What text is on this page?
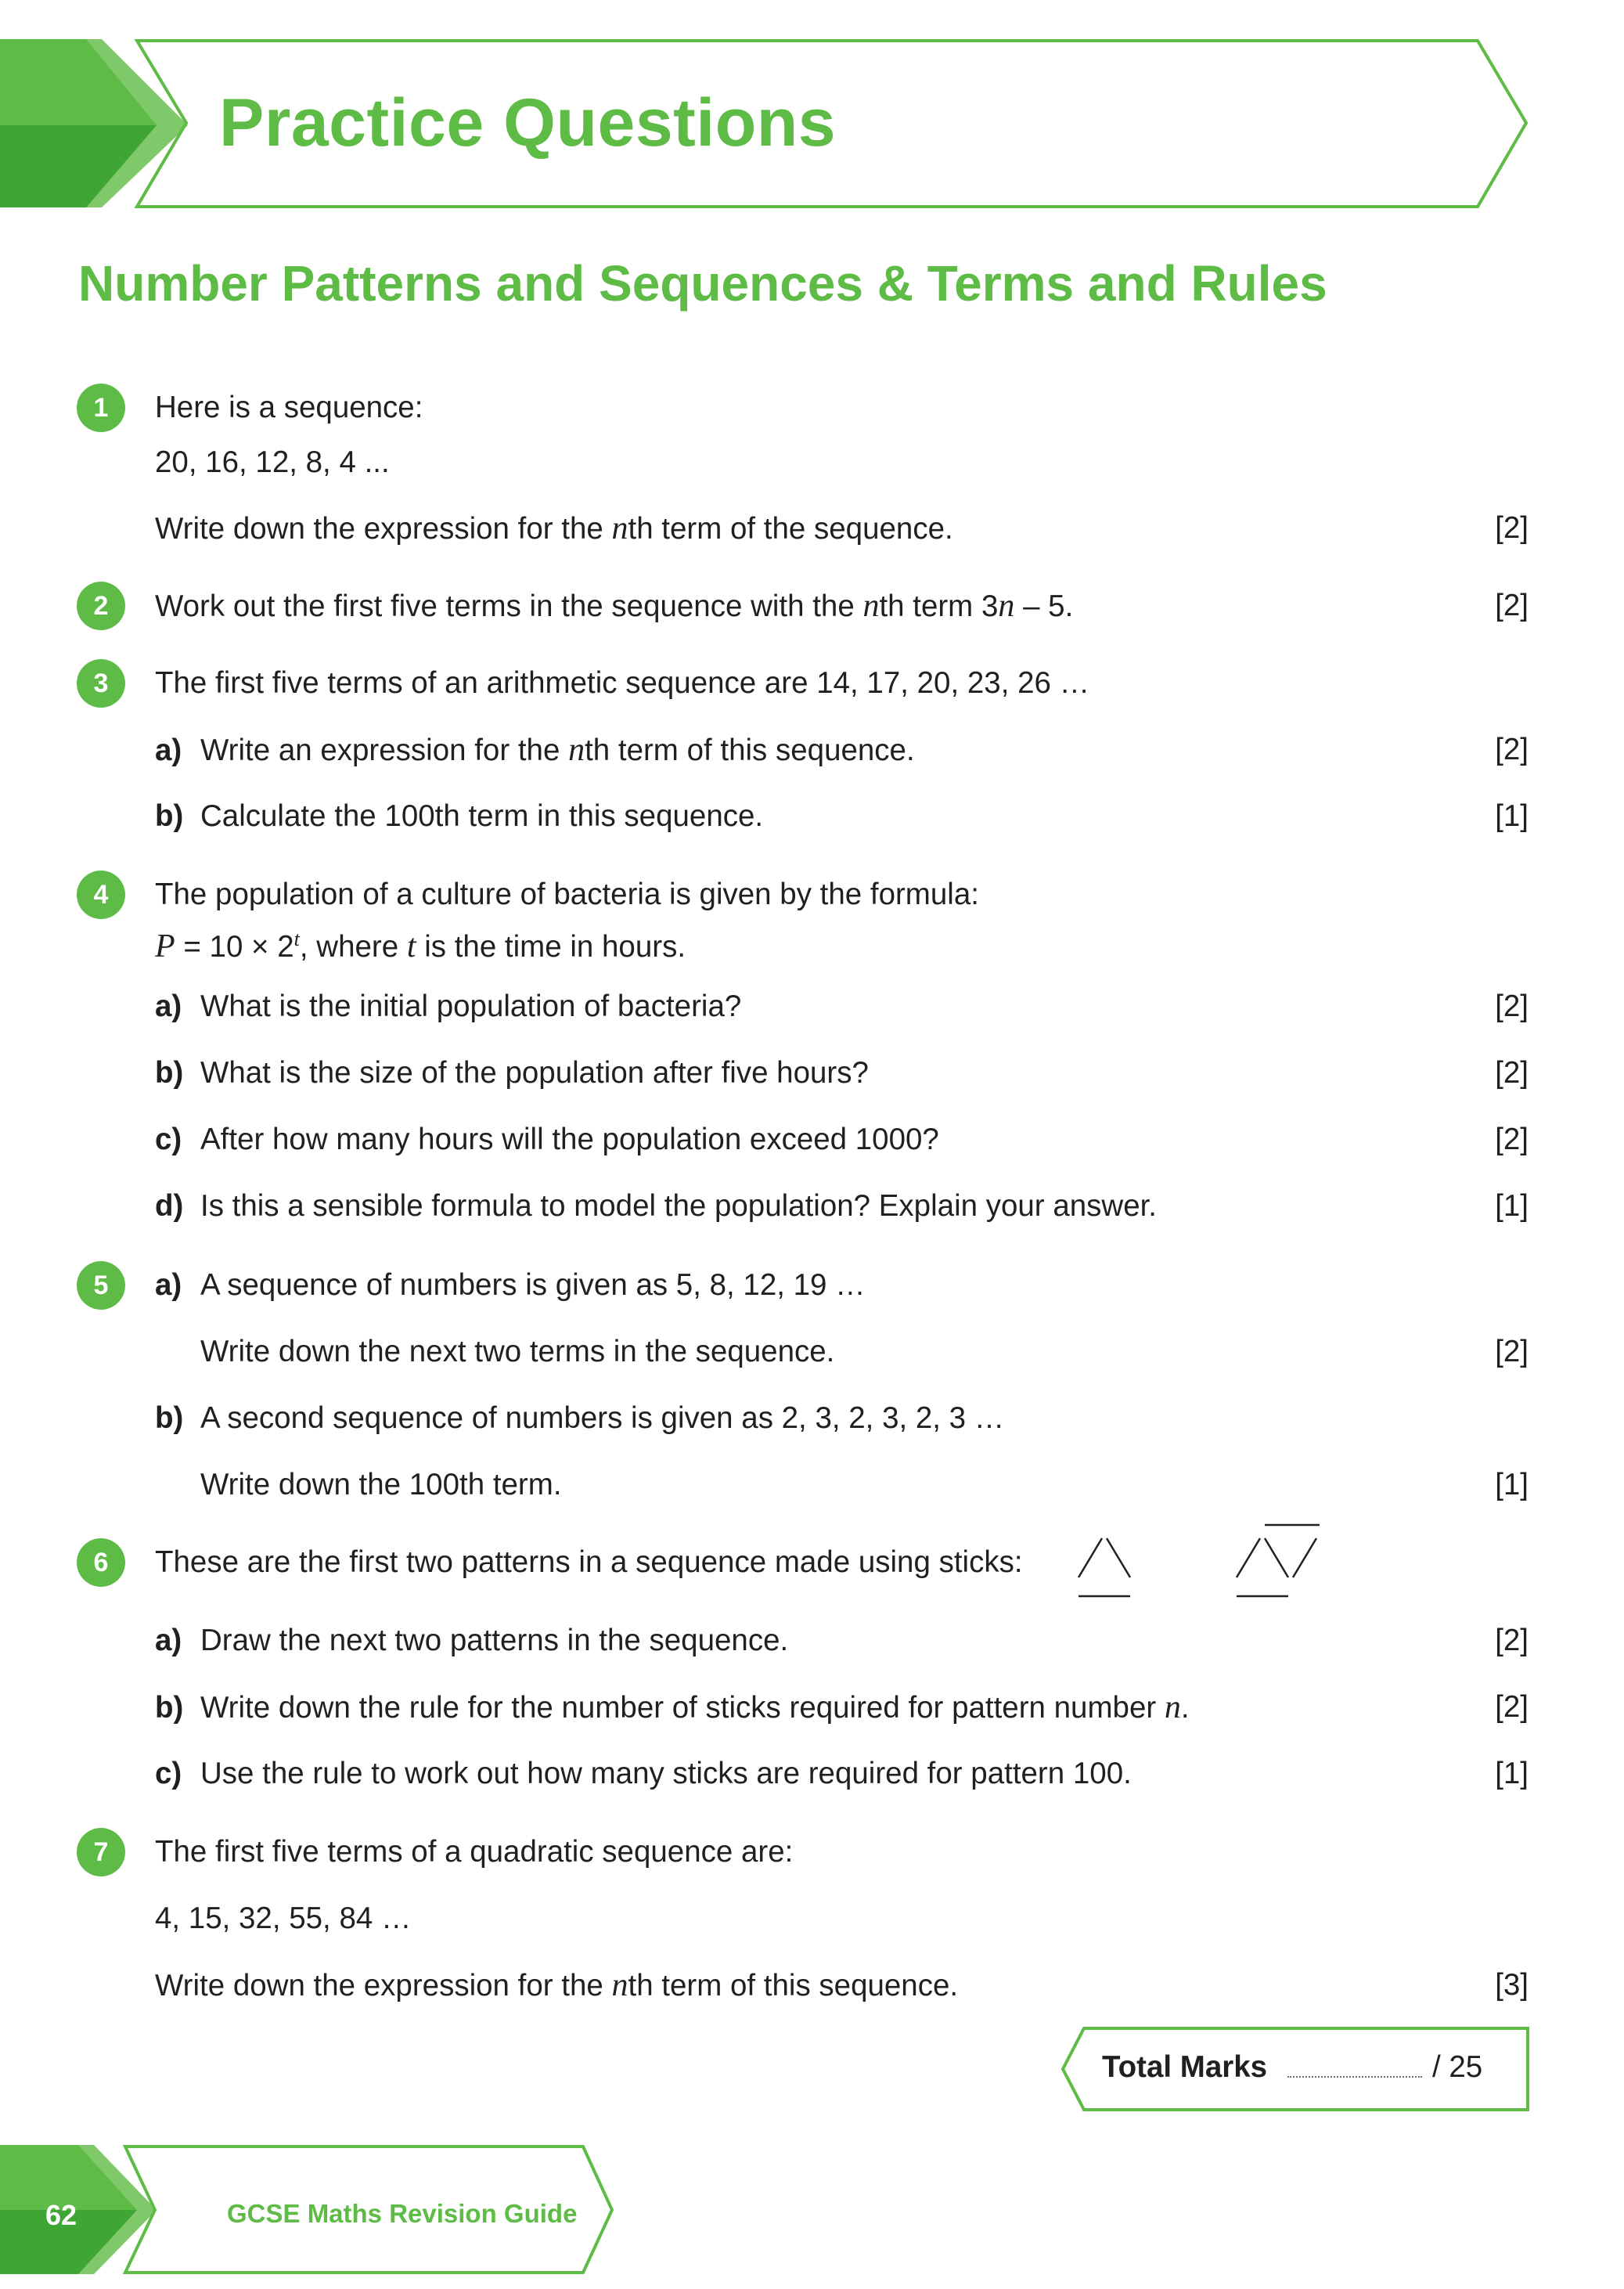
Practice Questions
Number Patterns and Sequences & Terms and Rules
1	Here is a sequence:
20, 16, 12, 8, 4 ...
Write down the expression for the nth term of the sequence.	[2]
2	Work out the first five terms in the sequence with the nth term 3n – 5.	[2]
3	The first five terms of an arithmetic sequence are 14, 17, 20, 23, 26 …
a) Write an expression for the nth term of this sequence.	[2]
b) Calculate the 100th term in this sequence.	[1]
4	The population of a culture of bacteria is given by the formula:
$P = 10 \times 2^t$, where t is the time in hours.
a) What is the initial population of bacteria?	[2]
b) What is the size of the population after five hours?	[2]
c) After how many hours will the population exceed 1000?	[2]
d) Is this a sensible formula to model the population? Explain your answer.	[1]
5	a) A sequence of numbers is given as 5, 8, 12, 19 …
Write down the next two terms in the sequence.	[2]
b) A second sequence of numbers is given as 2, 3, 2, 3, 2, 3 …
Write down the 100th term.	[1]
6	These are the first two patterns in a sequence made using sticks:
a) Draw the next two patterns in the sequence.	[2]
b) Write down the rule for the number of sticks required for pattern number n.	[2]
c) Use the rule to work out how many sticks are required for pattern 100.	[1]
7	The first five terms of a quadratic sequence are:
4, 15, 32, 55, 84 …
Write down the expression for the nth term of this sequence.	[3]
Total Marks	/ 25
62	GCSE Maths Revision Guide
